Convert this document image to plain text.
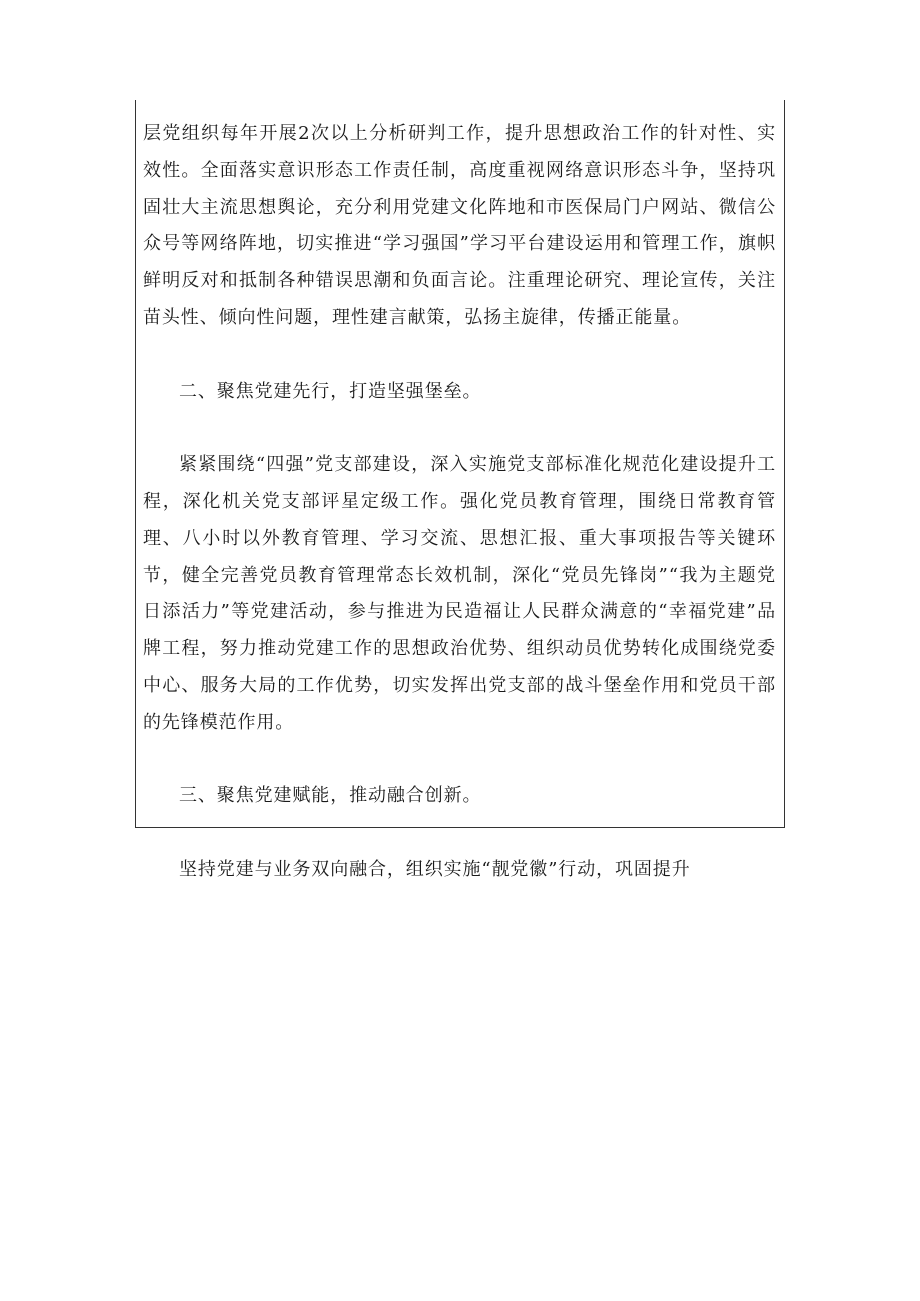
层党组织每年开展2次以上分析研判工作，提升思想政治工作的针对性、实效性。全面落实意识形态工作责任制，高度重视网络意识形态斗争，坚持巩固壮大主流思想舆论，充分利用党建文化阵地和市医保局门户网站、微信公众号等网络阵地，切实推进“学习强国”学习平台建设运用和管理工作，旗帜鲜明反对和抵制各种错误思潮和负面言论。注重理论研究、理论宣传，关注苗头性、倾向性问题，理性建言献策，弘扬主旋律，传播正能量。

二、聚焦党建先行，打造坚强堡垒。

紧紧围绕“四强”党支部建设，深入实施党支部标准化规范化建设提升工程，深化机关党支部评星定级工作。强化党员教育管理，围绕日常教育管理、八小时以外教育管理、学习交流、思想汇报、重大事项报告等关键环节，健全完善党员教育管理常态长效机制，深化“党员先锋岗”“我为主题党日添活力”等党建活动，参与推进为民造福让人民群众满意的“幸福党建”品牌工程，努力推动党建工作的思想政治优势、组织动员优势转化成围绕党委中心、服务大局的工作优势，切实发挥出党支部的战斗堡垒作用和党员干部的先锋模范作用。

三、聚焦党建赋能，推动融合创新。

坚持党建与业务双向融合，组织实施“靓党徽”行动，巩固提升
